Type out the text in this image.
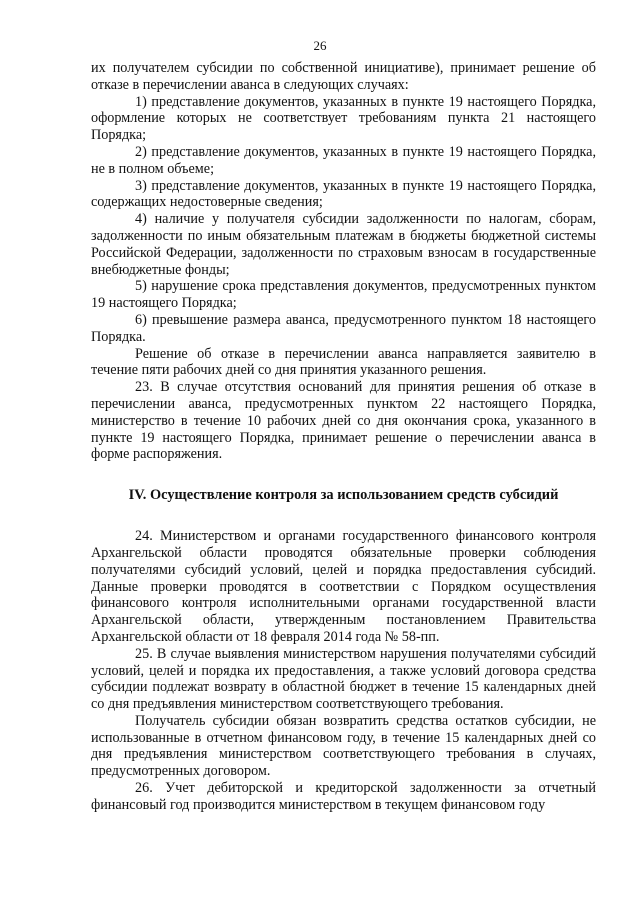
26

их получателем субсидии по собственной инициативе), принимает решение об отказе в перечислении аванса в следующих случаях:

1) представление документов, указанных в пункте 19 настоящего Порядка, оформление которых не соответствует требованиям пункта 21 настоящего Порядка;

2) представление документов, указанных в пункте 19 настоящего Порядка, не в полном объеме;

3) представление документов, указанных в пункте 19 настоящего Порядка, содержащих недостоверные сведения;

4) наличие у получателя субсидии задолженности по налогам, сборам, задолженности по иным обязательным платежам в бюджеты бюджетной системы Российской Федерации, задолженности по страховым взносам в государственные внебюджетные фонды;

5) нарушение срока представления документов, предусмотренных пунктом 19 настоящего Порядка;

6) превышение размера аванса, предусмотренного пунктом 18 настоящего Порядка.

Решение об отказе в перечислении аванса направляется заявителю в течение пяти рабочих дней со дня принятия указанного решения.

23. В случае отсутствия оснований для принятия решения об отказе в перечислении аванса, предусмотренных пунктом 22 настоящего Порядка, министерство в течение 10 рабочих дней со дня окончания срока, указанного в пункте 19 настоящего Порядка, принимает решение о перечислении аванса в форме распоряжения.

IV. Осуществление контроля за использованием средств субсидий

24. Министерством и органами государственного финансового контроля Архангельской области проводятся обязательные проверки соблюдения получателями субсидий условий, целей и порядка предоставления субсидий. Данные проверки проводятся в соответствии с Порядком осуществления финансового контроля исполнительными органами государственной власти Архангельской области, утвержденным постановлением Правительства Архангельской области от 18 февраля 2014 года № 58-пп.

25. В случае выявления министерством нарушения получателями субсидий условий, целей и порядка их предоставления, а также условий договора средства субсидии подлежат возврату в областной бюджет в течение 15 календарных дней со дня предъявления министерством соответствующего требования.

Получатель субсидии обязан возвратить средства остатков субсидии, не использованные в отчетном финансовом году, в течение 15 календарных дней со дня предъявления министерством соответствующего требования в случаях, предусмотренных договором.

26. Учет дебиторской и кредиторской задолженности за отчетный финансовый год производится министерством в текущем финансовом году
